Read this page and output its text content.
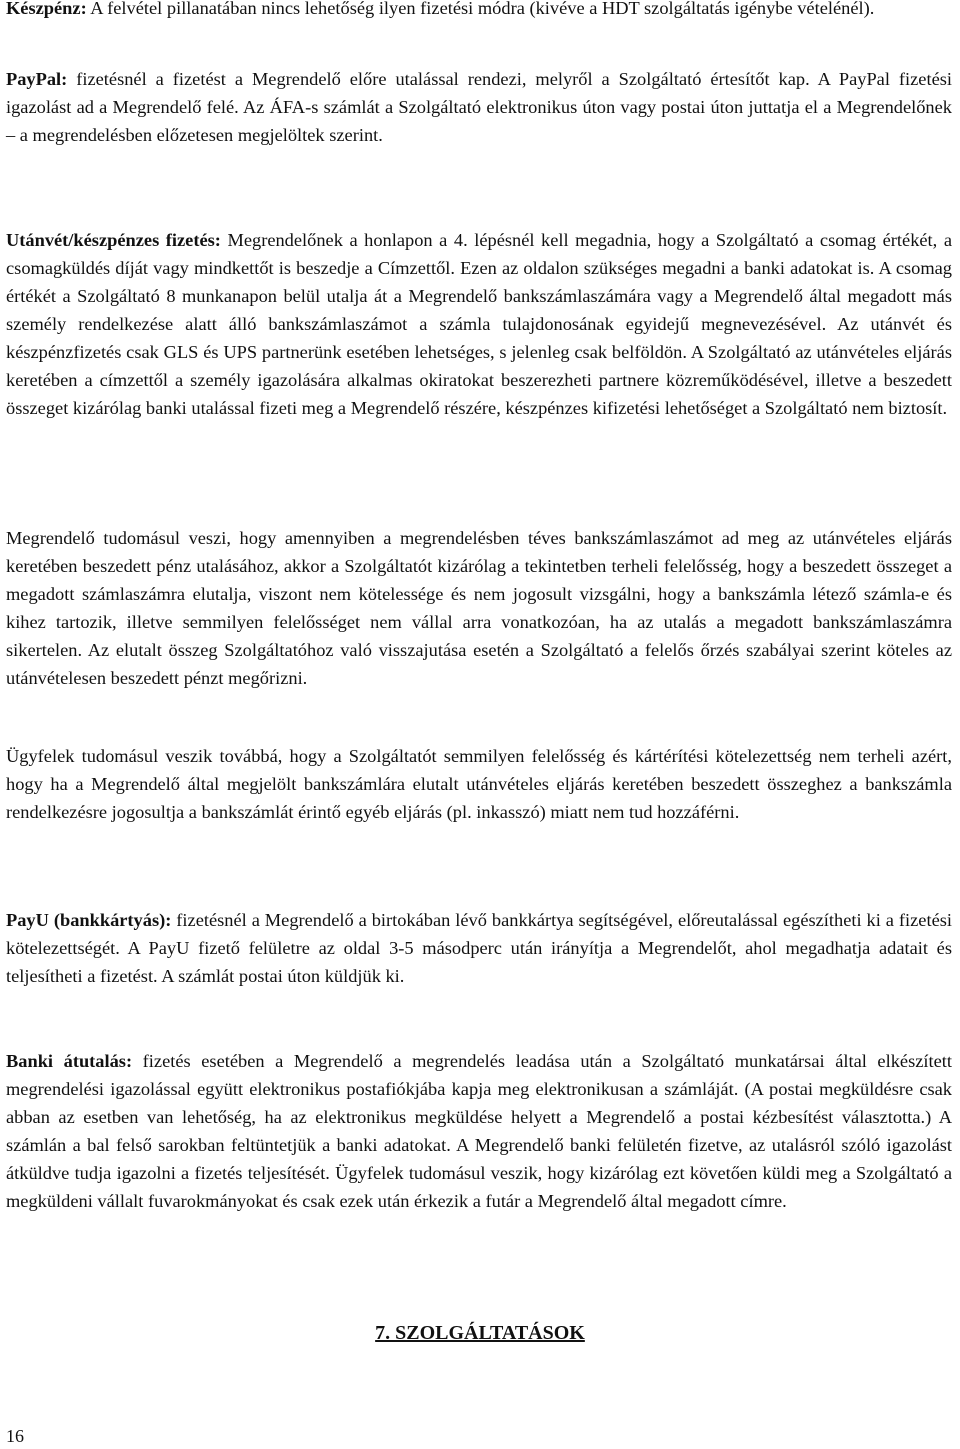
Készpénz: A felvétel pillanatában nincs lehetőség ilyen fizetési módra (kivéve a HDT szolgáltatás igénybe vételénél).

PayPal: fizetésnél a fizetést a Megrendelő előre utalással rendezi, melyről a Szolgáltató értesítőt kap. A PayPal fizetési igazolást ad a Megrendelő felé. Az ÁFA-s számlát a Szolgáltató elektronikus úton vagy postai úton juttatja el a Megrendelőnek – a megrendelésben előzetesen megjelöltek szerint.

Utánvét/készpénzes fizetés: Megrendelőnek a honlapon a 4. lépésnél kell megadnia, hogy a Szolgáltató a csomag értékét, a csomagküldés díját vagy mindkettőt is beszedje a Címzettől. Ezen az oldalon szükséges megadni a banki adatokat is. A csomag értékét a Szolgáltató 8 munkanapon belül utalja át a Megrendelő bankszámlaszámára vagy a Megrendelő által megadott más személy rendelkezése alatt álló bankszámlaszámot a számla tulajdonosának egyidejű megnevezésével. Az utánvét és készpénzfizetés csak GLS és UPS partnerünk esetében lehetséges, s jelenleg csak belföldön. A Szolgáltató az utánvételes eljárás keretében a címzettől a személy igazolására alkalmas okiratokat beszerezheti partnere közreműködésével, illetve a beszedett összeget kizárólag banki utalással fizeti meg a Megrendelő részére, készpénzes kifizetési lehetőséget a Szolgáltató nem biztosít.

Megrendelő tudomásul veszi, hogy amennyiben a megrendelésben téves bankszámlaszámot ad meg az utánvételes eljárás keretében beszedett pénz utalásához, akkor a Szolgáltatót kizárólag a tekintetben terheli felelősség, hogy a beszedett összeget a megadott számlaszámra elutalja, viszont nem kötelessége és nem jogosult vizsgálni, hogy a bankszámla létező számla-e és kihez tartozik, illetve semmilyen felelősséget nem vállal arra vonatkozóan, ha az utalás a megadott bankszámlaszámra sikertelen. Az elutalt összeg Szolgáltatóhoz való visszajutása esetén a Szolgáltató a felelős őrzés szabályai szerint köteles az utánvételesen beszedett pénzt megőrizni.

Ügyfelek tudomásul veszik továbbá, hogy a Szolgáltatót semmilyen felelősség és kártérítési kötelezettség nem terheli azért, hogy ha a Megrendelő által megjelölt bankszámlára elutalt utánvételes eljárás keretében beszedett összeghez a bankszámla rendelkezésre jogosultja a bankszámlát érintő egyéb eljárás (pl. inkasszó) miatt nem tud hozzáférni.

PayU (bankkártyás): fizetésnél a Megrendelő a birtokában lévő bankkártya segítségével, előreutalással egészítheti ki a fizetési kötelezettségét. A PayU fizető felületre az oldal 3-5 másodperc után irányítja a Megrendelőt, ahol megadhatja adatait és teljesítheti a fizetést. A számlát postai úton küldjük ki.

Banki átutalás: fizetés esetében a Megrendelő a megrendelés leadása után a Szolgáltató munkatársai által elkészített megrendelési igazolással együtt elektronikus postafiókjába kapja meg elektronikusan a számláját. (A postai megküldésre csak abban az esetben van lehetőség, ha az elektronikus megküldése helyett a Megrendelő a postai kézbesítést választotta.) A számlán a bal felső sarokban feltüntetjük a banki adatokat. A Megrendelő banki felületén fizetve, az utalásról szóló igazolást átküldve tudja igazolni a fizetés teljesítését. Ügyfelek tudomásul veszik, hogy kizárólag ezt követően küldi meg a Szolgáltató a megküldeni vállalt fuvarokmányokat és csak ezek után érkezik a futár a Megrendelő által megadott címre.

7. SZOLGÁLTATÁSOK
16
